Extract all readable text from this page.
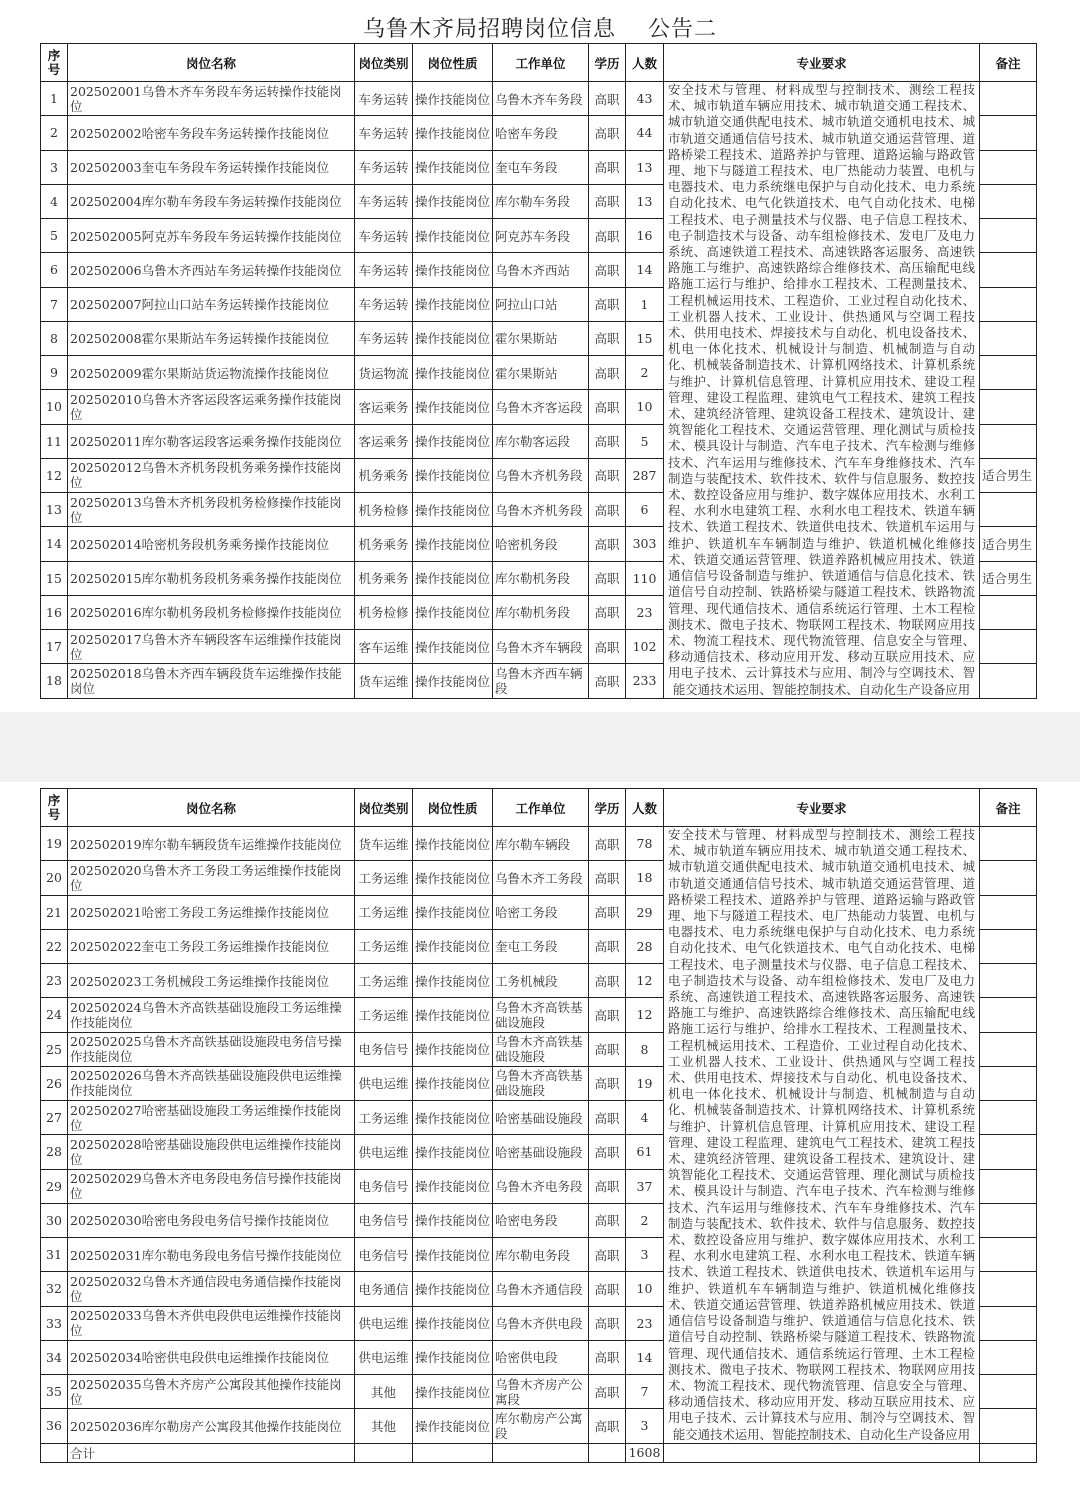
乌鲁木齐局招聘岗位信息    公告二
序号	岗位名称	岗位类别	岗位性质	工作单位	学历	人数	专业要求	备注
1	202502001乌鲁木齐车务段车务运转操作技能岗位	车务运转	操作技能岗位	乌鲁木齐车务段	高职	43	安全技术与管理、材料成型与控制技术、测绘工程技术、城市轨道车辆应用技术、城市轨道交通工程技术、城市轨道交通供配电技术、城市轨道交通机电技术、城市轨道交通通信信号技术、城市轨道交通运营管理、道路桥梁工程技术、道路养护与管理、道路运输与路政管理、地下与隧道工程技术、电厂热能动力装置、电机与电器技术、电力系统继电保护与自动化技术、电力系统自动化技术、电气化铁道技术、电气自动化技术、电梯工程技术、电子测量技术与仪器、电子信息工程技术、电子制造技术与设备、动车组检修技术、发电厂及电力系统、高速铁道工程技术、高速铁路客运服务、高速铁路施工与维护、高速铁路综合维修技术、高压输配电线路施工运行与维护、给排水工程技术、工程测量技术、工程机械运用技术、工程造价、工业过程自动化技术、工业机器人技术、工业设计、供热通风与空调工程技术、供用电技术、焊接技术与自动化、机电设备技术、机电一体化技术、机械设计与制造、机械制造与自动化、机械装备制造技术、计算机网络技术、计算机系统与维护、计算机信息管理、计算机应用技术、建设工程管理、建设工程监理、建筑电气工程技术、建筑工程技术、建筑经济管理、建筑设备工程技术、建筑设计、建筑智能化工程技术、交通运营管理、理化测试与质检技术、模具设计与制造、汽车电子技术、汽车检测与维修技术、汽车运用与维修技术、汽车车身维修技术、汽车制造与装配技术、软件技术、软件与信息服务、数控技术、数控设备应用与维护、数字媒体应用技术、水利工程、水利水电建筑工程、水利水电工程技术、铁道车辆技术、铁道工程技术、铁道供电技术、铁道机车运用与维护、铁道机车车辆制造与维护、铁道机械化维修技术、铁道交通运营管理、铁道养路机械应用技术、铁道通信信号设备制造与维护、铁道通信与信息化技术、铁道信号自动控制、铁路桥梁与隧道工程技术、铁路物流管理、现代通信技术、通信系统运行管理、土木工程检测技术、微电子技术、物联网工程技术、物联网应用技术、物流工程技术、现代物流管理、信息安全与管理、移动通信技术、移动应用开发、移动互联应用技术、应用电子技术、云计算技术与应用、制冷与空调技术、智能交通技术运用、智能控制技术、自动化生产设备应用	
2	202502002哈密车务段车务运转操作技能岗位	车务运转	操作技能岗位	哈密车务段	高职	44		
3	202502003奎屯车务段车务运转操作技能岗位	车务运转	操作技能岗位	奎屯车务段	高职	13		
4	202502004库尔勒车务段车务运转操作技能岗位	车务运转	操作技能岗位	库尔勒车务段	高职	13		
5	202502005阿克苏车务段车务运转操作技能岗位	车务运转	操作技能岗位	阿克苏车务段	高职	16		
6	202502006乌鲁木齐西站车务运转操作技能岗位	车务运转	操作技能岗位	乌鲁木齐西站	高职	14		
7	202502007阿拉山口站车务运转操作技能岗位	车务运转	操作技能岗位	阿拉山口站	高职	1		
8	202502008霍尔果斯站车务运转操作技能岗位	车务运转	操作技能岗位	霍尔果斯站	高职	15		
9	202502009霍尔果斯站货运物流操作技能岗位	货运物流	操作技能岗位	霍尔果斯站	高职	2		
10	202502010乌鲁木齐客运段客运乘务操作技能岗位	客运乘务	操作技能岗位	乌鲁木齐客运段	高职	10		
11	202502011库尔勒客运段客运乘务操作技能岗位	客运乘务	操作技能岗位	库尔勒客运段	高职	5		
12	202502012乌鲁木齐机务段机务乘务操作技能岗位	机务乘务	操作技能岗位	乌鲁木齐机务段	高职	287		适合男生
13	202502013乌鲁木齐机务段机务检修操作技能岗位	机务检修	操作技能岗位	乌鲁木齐机务段	高职	6		
14	202502014哈密机务段机务乘务操作技能岗位	机务乘务	操作技能岗位	哈密机务段	高职	303		适合男生
15	202502015库尔勒机务段机务乘务操作技能岗位	机务乘务	操作技能岗位	库尔勒机务段	高职	110		适合男生
16	202502016库尔勒机务段机务检修操作技能岗位	机务检修	操作技能岗位	库尔勒机务段	高职	23		
17	202502017乌鲁木齐车辆段客车运维操作技能岗位	客车运维	操作技能岗位	乌鲁木齐车辆段	高职	102		
18	202502018乌鲁木齐西车辆段货车运维操作技能岗位	货车运维	操作技能岗位	乌鲁木齐西车辆段	高职	233		
序号	岗位名称	岗位类别	岗位性质	工作单位	学历	人数	专业要求	备注
19	202502019库尔勒车辆段货车运维操作技能岗位	货车运维	操作技能岗位	库尔勒车辆段	高职	78	安全技术与管理、材料成型与控制技术、测绘工程技术、城市轨道车辆应用技术、城市轨道交通工程技术、城市轨道交通供配电技术、城市轨道交通机电技术、城市轨道交通通信信号技术、城市轨道交通运营管理、道路桥梁工程技术、道路养护与管理、道路运输与路政管理、地下与隧道工程技术、电厂热能动力装置、电机与电器技术、电力系统继电保护与自动化技术、电力系统自动化技术、电气化铁道技术、电气自动化技术、电梯工程技术、电子测量技术与仪器、电子信息工程技术、电子制造技术与设备、动车组检修技术、发电厂及电力系统、高速铁道工程技术、高速铁路客运服务、高速铁路施工与维护、高速铁路综合维修技术、高压输配电线路施工运行与维护、给排水工程技术、工程测量技术、工程机械运用技术、工程造价、工业过程自动化技术、工业机器人技术、工业设计、供热通风与空调工程技术、供用电技术、焊接技术与自动化、机电设备技术、机电一体化技术、机械设计与制造、机械制造与自动化、机械装备制造技术、计算机网络技术、计算机系统与维护、计算机信息管理、计算机应用技术、建设工程管理、建设工程监理、建筑电气工程技术、建筑工程技术、建筑经济管理、建筑设备工程技术、建筑设计、建筑智能化工程技术、交通运营管理、理化测试与质检技术、模具设计与制造、汽车电子技术、汽车检测与维修技术、汽车运用与维修技术、汽车车身维修技术、汽车制造与装配技术、软件技术、软件与信息服务、数控技术、数控设备应用与维护、数字媒体应用技术、水利工程、水利水电建筑工程、水利水电工程技术、铁道车辆技术、铁道工程技术、铁道供电技术、铁道机车运用与维护、铁道机车车辆制造与维护、铁道机械化维修技术、铁道交通运营管理、铁道养路机械应用技术、铁道通信信号设备制造与维护、铁道通信与信息化技术、铁道信号自动控制、铁路桥梁与隧道工程技术、铁路物流管理、现代通信技术、通信系统运行管理、土木工程检测技术、微电子技术、物联网工程技术、物联网应用技术、物流工程技术、现代物流管理、信息安全与管理、移动通信技术、移动应用开发、移动互联应用技术、应用电子技术、云计算技术与应用、制冷与空调技术、智能交通技术运用、智能控制技术、自动化生产设备应用	
20	202502020乌鲁木齐工务段工务运维操作技能岗位	工务运维	操作技能岗位	乌鲁木齐工务段	高职	18		
21	202502021哈密工务段工务运维操作技能岗位	工务运维	操作技能岗位	哈密工务段	高职	29		
22	202502022奎屯工务段工务运维操作技能岗位	工务运维	操作技能岗位	奎屯工务段	高职	28		
23	202502023工务机械段工务运维操作技能岗位	工务运维	操作技能岗位	工务机械段	高职	12		
24	202502024乌鲁木齐高铁基础设施段工务运维操作技能岗位	工务运维	操作技能岗位	乌鲁木齐高铁基础设施段	高职	12		
25	202502025乌鲁木齐高铁基础设施段电务信号操作技能岗位	电务信号	操作技能岗位	乌鲁木齐高铁基础设施段	高职	8		
26	202502026乌鲁木齐高铁基础设施段供电运维操作技能岗位	供电运维	操作技能岗位	乌鲁木齐高铁基础设施段	高职	19		
27	202502027哈密基础设施段工务运维操作技能岗位	工务运维	操作技能岗位	哈密基础设施段	高职	4		
28	202502028哈密基础设施段供电运维操作技能岗位	供电运维	操作技能岗位	哈密基础设施段	高职	61		
29	202502029乌鲁木齐电务段电务信号操作技能岗位	电务信号	操作技能岗位	乌鲁木齐电务段	高职	37		
30	202502030哈密电务段电务信号操作技能岗位	电务信号	操作技能岗位	哈密电务段	高职	2		
31	202502031库尔勒电务段电务信号操作技能岗位	电务信号	操作技能岗位	库尔勒电务段	高职	3		
32	202502032乌鲁木齐通信段电务通信操作技能岗位	电务通信	操作技能岗位	乌鲁木齐通信段	高职	10		
33	202502033乌鲁木齐供电段供电运维操作技能岗位	供电运维	操作技能岗位	乌鲁木齐供电段	高职	23		
34	202502034哈密供电段供电运维操作技能岗位	供电运维	操作技能岗位	哈密供电段	高职	14		
35	202502035乌鲁木齐房产公寓段其他操作技能岗位	其他	操作技能岗位	乌鲁木齐房产公寓段	高职	7		
36	202502036库尔勒房产公寓段其他操作技能岗位	其他	操作技能岗位	库尔勒房产公寓段	高职	3		
	合计					1608		
